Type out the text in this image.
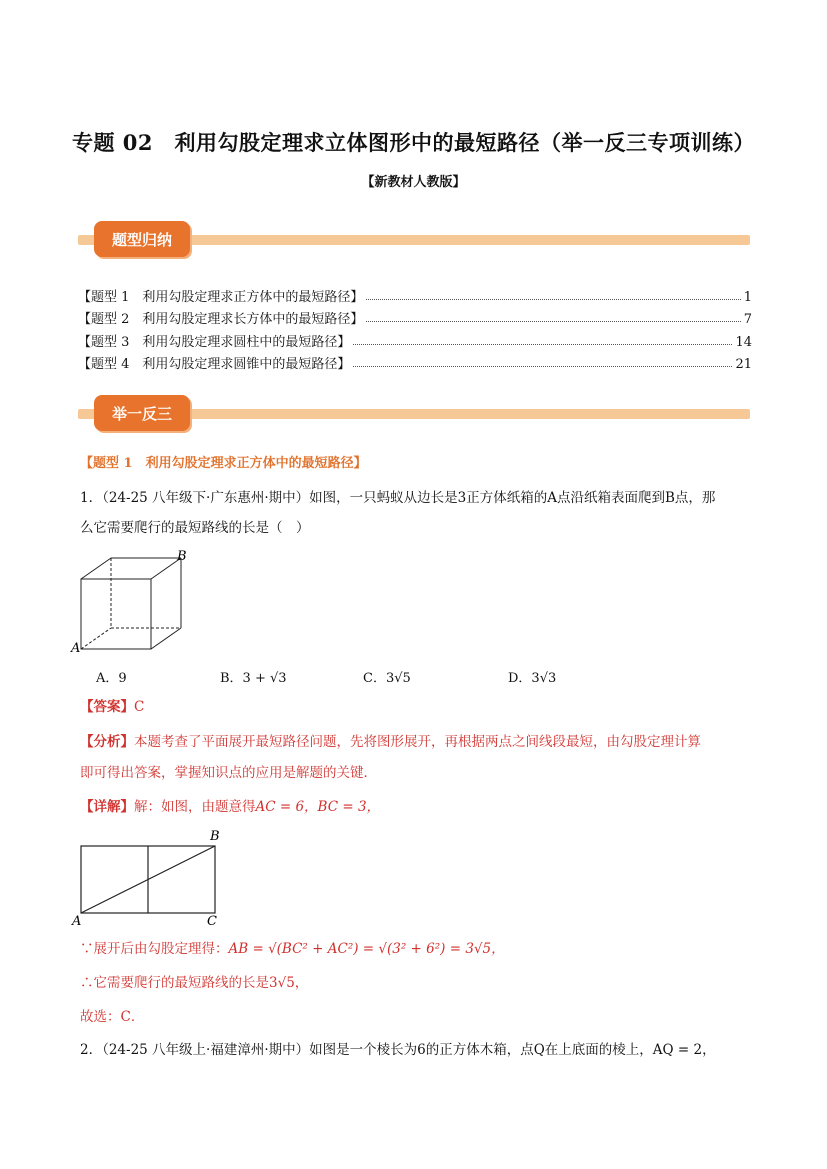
专题 02　利用勾股定理求立体图形中的最短路径（举一反三专项训练）
【新教材人教版】
题型归纳
【题型 1　利用勾股定理求正方体中的最短路径】	1
【题型 2　利用勾股定理求长方体中的最短路径】	7
【题型 3　利用勾股定理求圆柱中的最短路径】	14
【题型 4　利用勾股定理求圆锥中的最短路径】	21
举一反三
【题型 1　利用勾股定理求正方体中的最短路径】
1．（24-25 八年级下·广东惠州·期中）如图，一只蚂蚁从边长是3正方体纸箱的A点沿纸箱表面爬到B点，那
么它需要爬行的最短路线的长是（　）
A
B
A．9	B．3 + √3	C．3√5	D．3√3
【答案】C
【分析】本题考查了平面展开最短路径问题，先将图形展开，再根据两点之间线段最短，由勾股定理计算
即可得出答案，掌握知识点的应用是解题的关键．
【详解】解：如图，由题意得AC = 6，BC = 3，
A
B
C
∵展开后由勾股定理得：AB = √(BC² + AC²) = √(3² + 6²) = 3√5，
∴它需要爬行的最短路线的长是3√5，
故选：C．
2．（24-25 八年级上·福建漳州·期中）如图是一个棱长为6的正方体木箱，点Q在上底面的棱上，AQ = 2，
